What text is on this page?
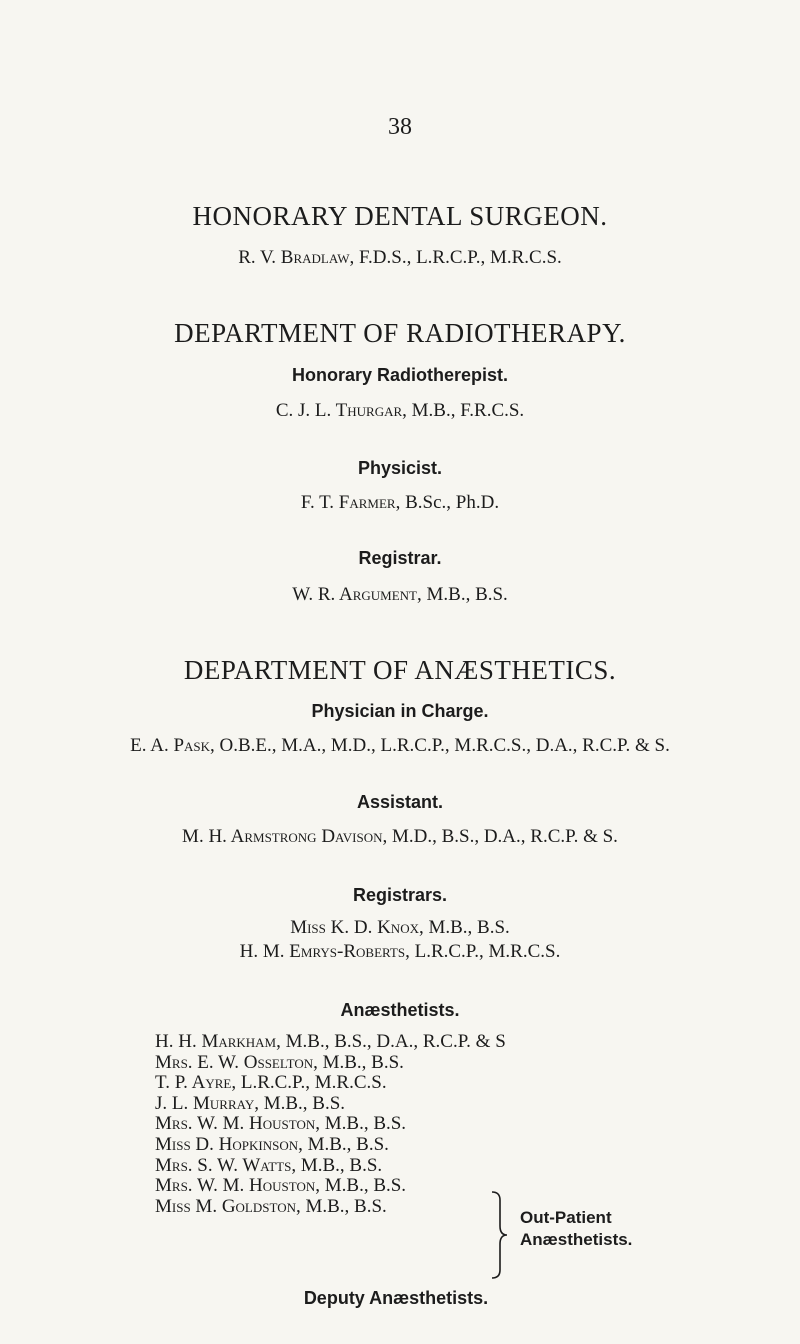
38
HONORARY DENTAL SURGEON.
R. V. Bradlaw, F.D.S., L.R.C.P., M.R.C.S.
DEPARTMENT OF RADIOTHERAPY.
Honorary Radiotherepist.
C. J. L. Thurgar, M.B., F.R.C.S.
Physicist.
F. T. Farmer, B.Sc., Ph.D.
Registrar.
W. R. Argument, M.B., B.S.
DEPARTMENT OF ANÆSTHETICS.
Physician in Charge.
E. A. Pask, O.B.E., M.A., M.D., L.R.C.P., M.R.C.S., D.A., R.C.P. & S.
Assistant.
M. H. Armstrong Davison, M.D., B.S., D.A., R.C.P. & S.
Registrars.
Miss K. D. Knox, M.B., B.S.
H. M. Emrys-Roberts, L.R.C.P., M.R.C.S.
Anæsthetists.
H. H. Markham, M.B., B.S., D.A., R.C.P. & S
Mrs. E. W. Osselton, M.B., B.S.
T. P. Ayre, L.R.C.P., M.R.C.S.
J. L. Murray, M.B., B.S.
Mrs. W. M. Houston, M.B., B.S.
Miss D. Hopkinson, M.B., B.S.
Mrs. S. W. Watts, M.B., B.S.
Mrs. W. M. Houston, M.B., B.S.
Miss M. Goldston, M.B., B.S.
Out-Patient
Anæsthetists.
Deputy Anæsthetists.
